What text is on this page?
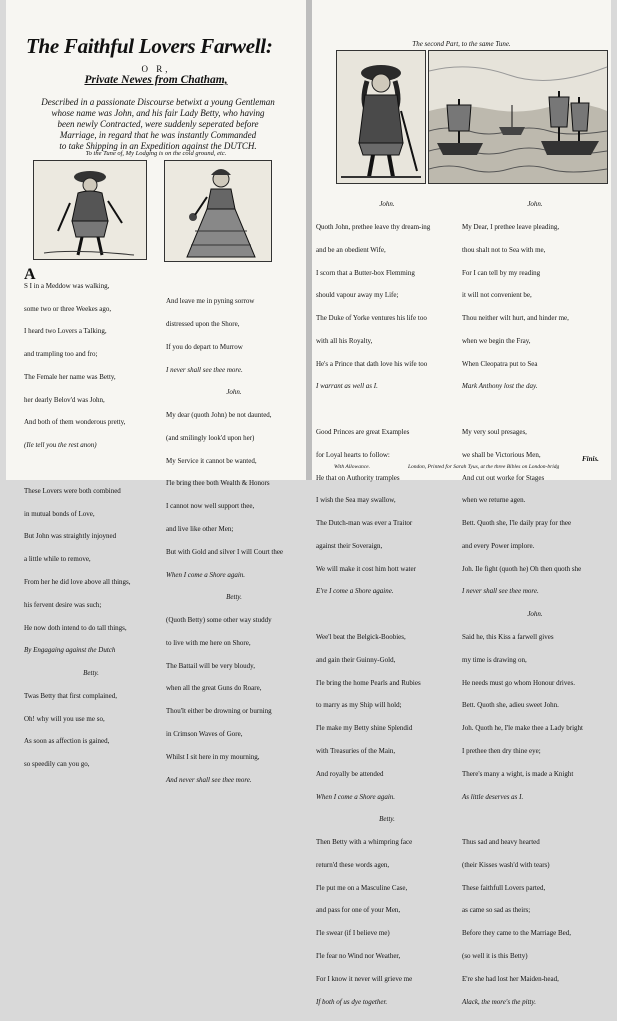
The Faithful Lovers Farwell:
O R,
Private Newes from Chatham,
Described in a passionate Discourse betwixt a young Gentleman
whose name was John, and his fair Lady Betty, who having
been newly Contracted, were suddenly seperated before
Marriage, in regard that he was instantly Commanded
to take Shipping in an Expedition against the DUTCH.
To the Tune of, My Lodging is on the cold ground, etc.

A

S I in a Meddow was walking,

some two or three Weekes ago,

I heard two Lovers a Talking,

and trampling too and fro;

The Female her name was Betty,

her dearly Belov'd was John,

And both of them wonderous pretty,

(Ile tell you the rest anon)

These Lovers were both combined

in mutual bonds of Love,

But John was straightly injoyned

a little while to remove,

From her he did love above all things,

his fervent desire was such;

He now doth intend to do tall things,

By Engagaing against the Dutch

Betty.

Twas Betty that first complained,

Oh! why will you use me so,

As soon as affection is gained,

so speedily can you go,

And leave me in pyning sorrow

distressed upon the Shore,

If you do depart to Murrow

I never shall see thee more.

John.

My dear (quoth John) be not daunted,

(and smilingly look'd upon her)

My Service it cannot be wanted,

I'le bring thee both Wealth & Honors

I cannot now well support thee,

and live like other Men;

But with Gold and silver I will Court thee

When I come a Shore again.

Betty.

(Quoth Betty) some other way studdy

to live with me here on Shore,

The Battail will be very bloudy,

when all the great Guns do Roare,

Thou'lt either be drowning or burning

in Crimson Waves of Gore,

Whilst I sit here in my mourning,

And never shall see thee more.

The second Part, to the same Tune.

John.

Quoth John, prethee leave thy dream-ing

and be an obedient Wife,

I scorn that a Butter-box Flemming

should vapour away my Life;

The Duke of Yorke ventures his life too

with all his Royalty,

He's a Prince that dath love his wife too

I warrant as well as I.

Good Princes are great Examples

for Loyal hearts to follow:

He that on Authority tramples

I wish the Sea may swallow,

The Dutch-man was ever a Traitor

against their Soveraign,

We will make it cost him hott water

E're I come a Shore againe.

Wee'l beat the Belgick-Boobies,

and gain their Guinny-Gold,

I'le bring the home Pearls and Rubies

to marry as my Ship will hold;

I'le make my Betty shine Splendid

with Treasuries of the Main,

And royally be attended

When I come a Shore again.

Betty.

Then Betty with a whimpring face

return'd these words agen,

I'le put me on a Masculine Case,

and pass for one of your Men,

I'le swear (if I believe me)

I'le fear no Wind nor Weather,

For I know it never will grieve me

If both of us dye together.

John.

My Dear, I prethee leave pleading,

thou shalt not to Sea with me,

For I can tell by my reading

it will not convenient be,

Thou neither wilt hurt, and hinder me,

when we begin the Fray,

When Cleopatra put to Sea

Mark Anthony lost the day.

My very soul presages,

we shall be Victorious Men,

And cut out worke for Stages

when we returne agen.

Bett. Quoth she, I'le daily pray for thee

and every Power implore.

Joh. Ile fight (quoth he) Oh then quoth she

I never shall see thee more.

John.

Said he, this Kiss a farwell gives

my time is drawing on,

He needs must go whom Honour drives.

Bett. Quoth she, adieu sweet John.

Joh. Quoth he, I'le make thee a Lady bright

I prethee then dry thine eye;

There's many a wight, is made a Knight

As little deserves as I.

Thus sad and heavy hearted

(their Kisses wash'd with tears)

These faithfull Lovers parted,

as came so sad as theirs;

Before they came to the Marriage Bed,

(so well it is this Betty)

E're she had lost her Maiden-head,

Alack, the more's the pitty.

Finis.
With Allowance.	London, Printed for Sarah Tyus, at the three Bibles on London-bridg
